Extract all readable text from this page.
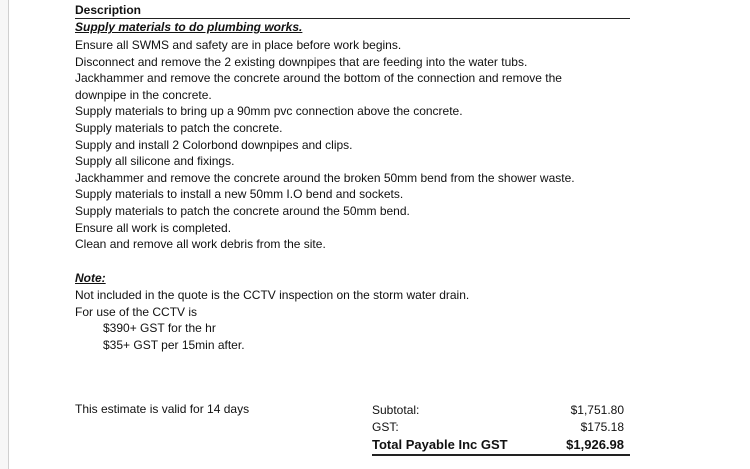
Description
Supply materials to do plumbing works.
Ensure all SWMS and safety are in place before work begins.
Disconnect and remove the 2 existing downpipes that are feeding into the water tubs.
Jackhammer and remove the concrete around the bottom of the connection and remove the
downpipe in the concrete.
Supply materials to bring up a 90mm pvc connection above the concrete.
Supply materials to patch the concrete.
Supply and install 2 Colorbond downpipes and clips.
Supply all silicone and fixings.
Jackhammer and remove the concrete around the broken 50mm bend from the shower waste.
Supply materials to install a new 50mm I.O bend and sockets.
Supply materials to patch the concrete around the 50mm bend.
Ensure all work is completed.
Clean and remove all work debris from the site.
Note:
Not included in the quote is the CCTV inspection on the storm water drain.
For use of the CCTV is
$390+ GST for the hr
$35+ GST per 15min after.
This estimate is valid for 14 days	Subtotal:	$1,751.80
GST:	$175.18
Total Payable Inc GST	$1,926.98
